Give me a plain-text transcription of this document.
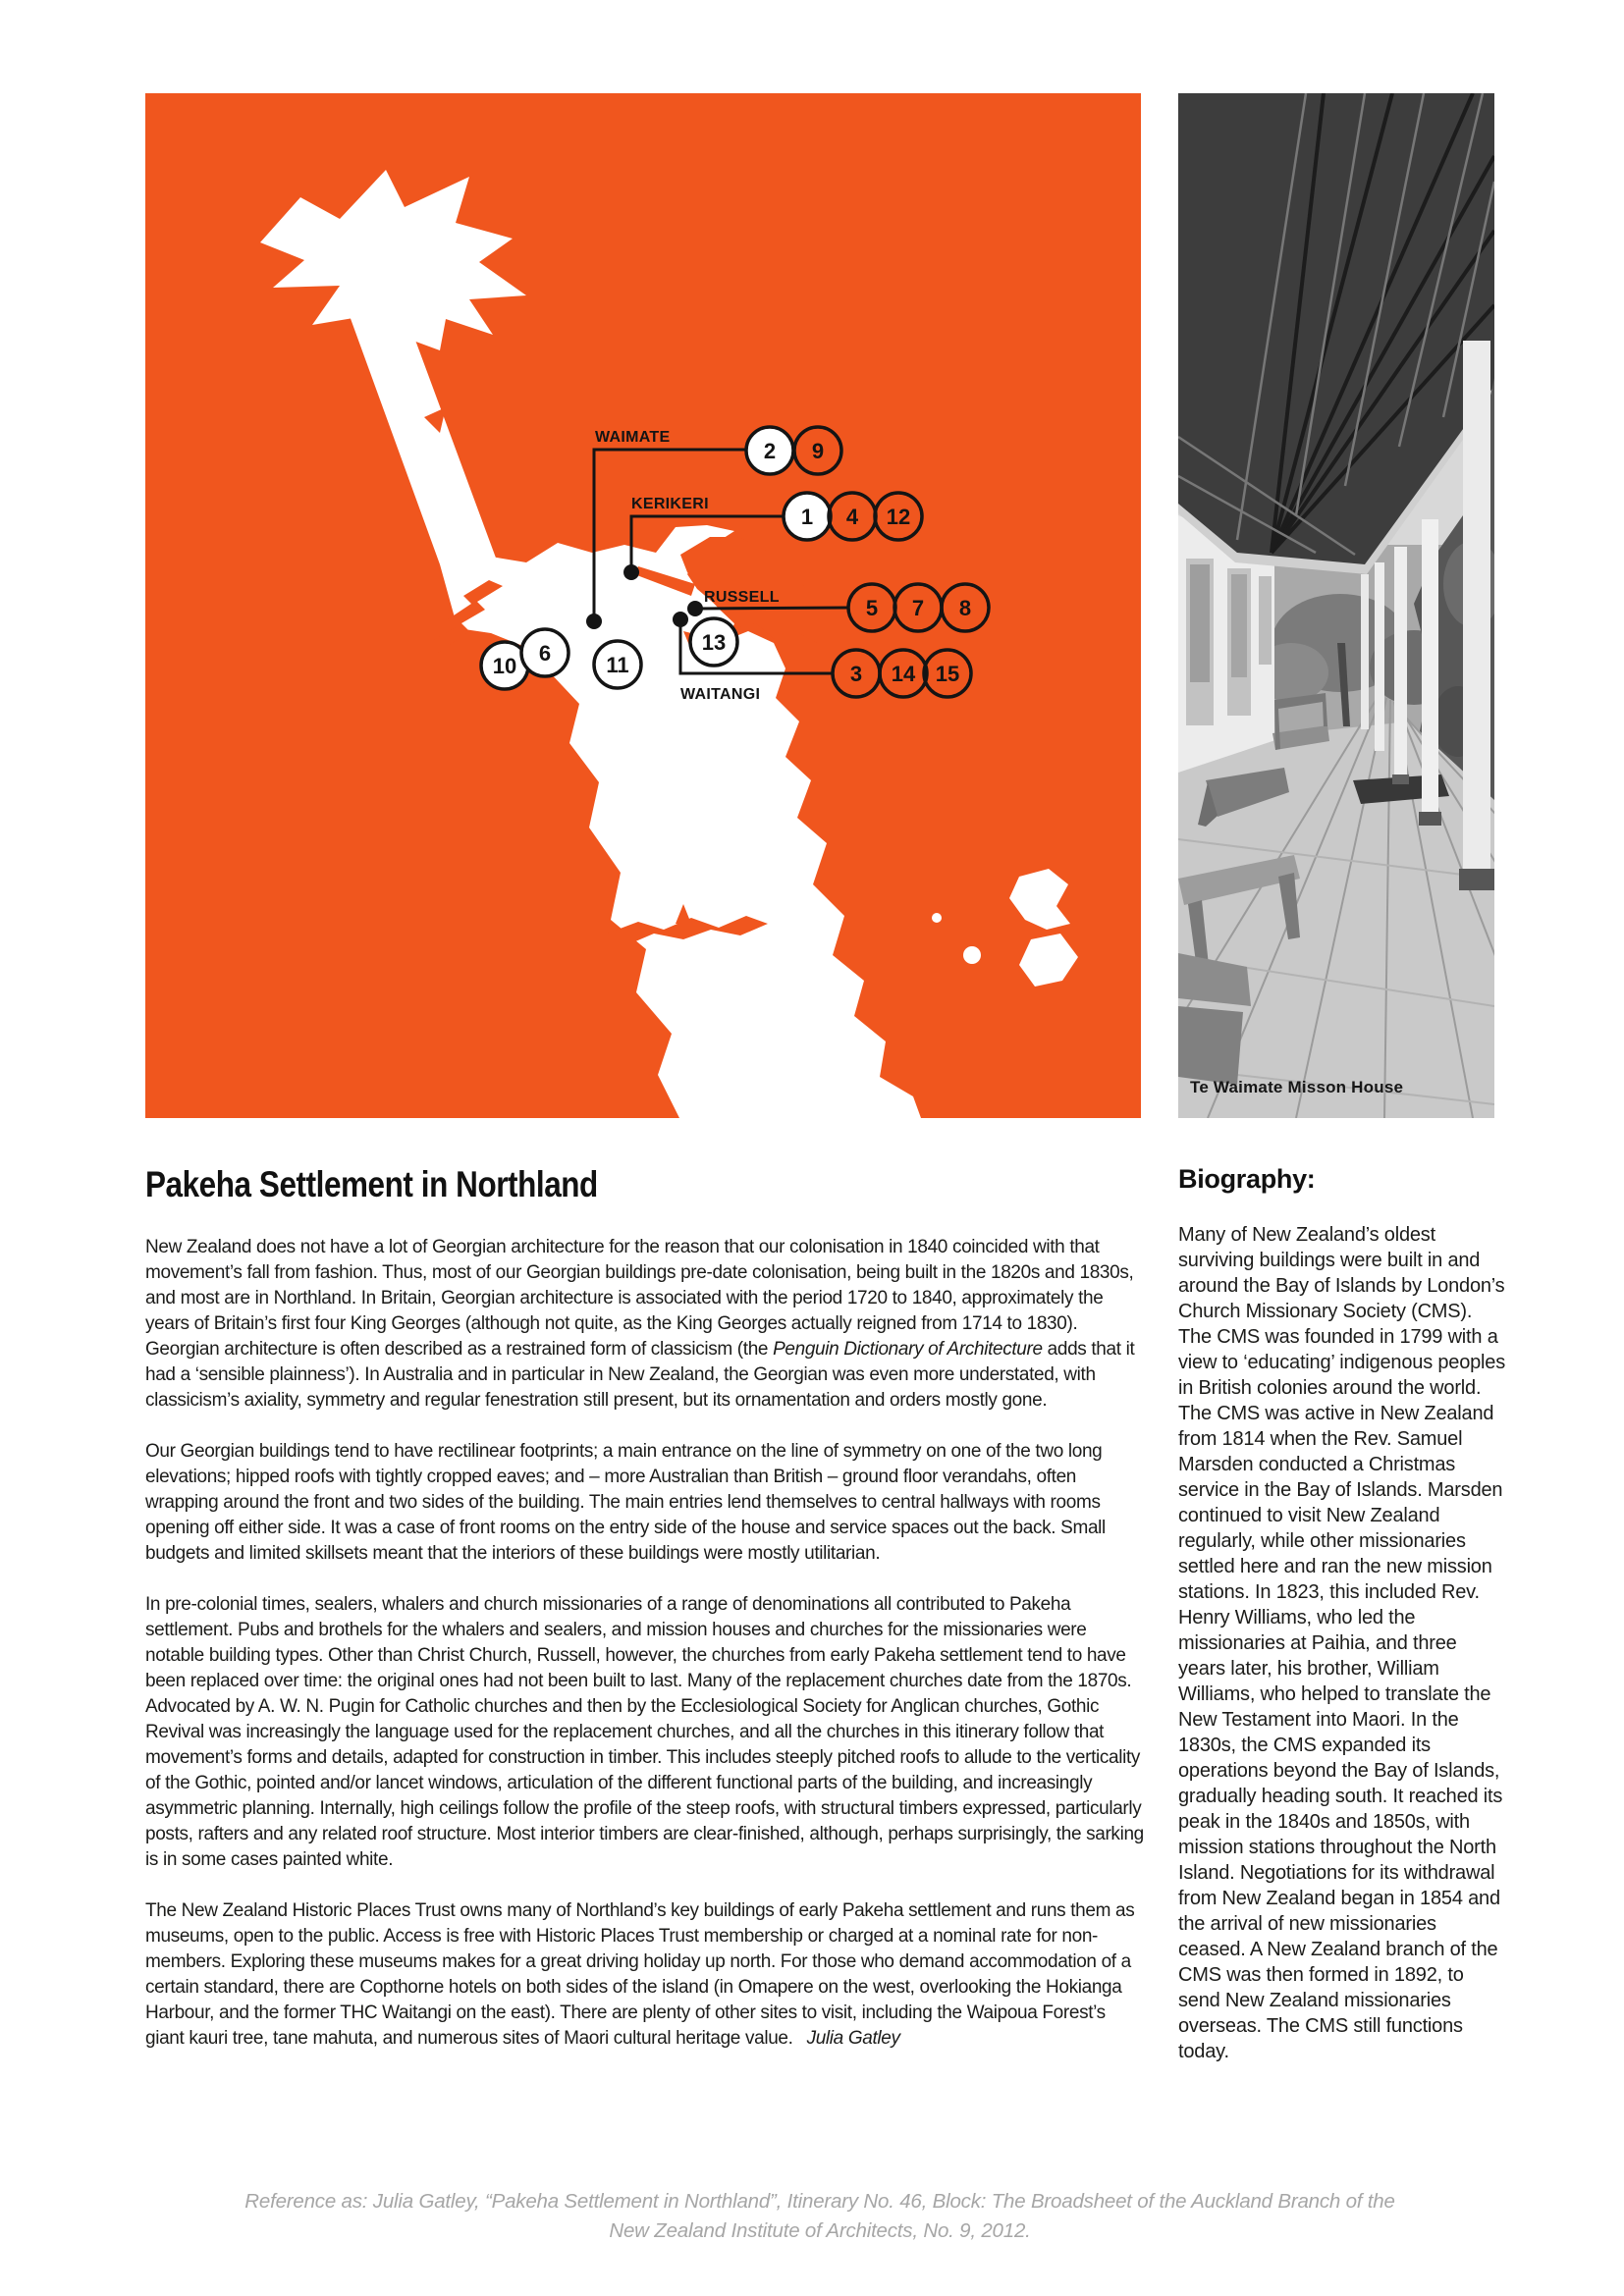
WAIMATE
KERIKERI
RUSSELL
WAITANGI
2 9
1 4 12
5 7 8
3 14 15
13
11
10
6
Te Waimate Misson House
Pakeha Settlement in Northland

New Zealand does not have a lot of Georgian architecture for the reason that our colonisation in 1840 coincided with that movement’s fall from fashion. Thus, most of our Georgian buildings pre-date colonisation, being built in the 1820s and 1830s, and most are in Northland. In Britain, Georgian architecture is associated with the period 1720 to 1840, approximately the years of Britain’s first four King Georges (although not quite, as the King Georges actually reigned from 1714 to 1830). Georgian architecture is often described as a restrained form of classicism (the Penguin Dictionary of Architecture adds that it had a ‘sensible plainness’). In Australia and in particular in New Zealand, the Georgian was even more understated, with classicism’s axiality, symmetry and regular fenestration still present, but its ornamentation and orders mostly gone.

Our Georgian buildings tend to have rectilinear footprints; a main entrance on the line of symmetry on one of the two long elevations; hipped roofs with tightly cropped eaves; and – more Australian than British – ground floor verandahs, often wrapping around the front and two sides of the building. The main entries lend themselves to central hallways with rooms opening off either side. It was a case of front rooms on the entry side of the house and service spaces out the back. Small budgets and limited skillsets meant that the interiors of these buildings were mostly utilitarian.

In pre-colonial times, sealers, whalers and church missionaries of a range of denominations all contributed to Pakeha settlement. Pubs and brothels for the whalers and sealers, and mission houses and churches for the missionaries were notable building types. Other than Christ Church, Russell, however, the churches from early Pakeha settlement tend to have been replaced over time: the original ones had not been built to last. Many of the replacement churches date from the 1870s. Advocated by A. W. N. Pugin for Catholic churches and then by the Ecclesiological Society for Anglican churches, Gothic Revival was increasingly the language used for the replacement churches, and all the churches in this itinerary follow that movement’s forms and details, adapted for construction in timber. This includes steeply pitched roofs to allude to the verticality of the Gothic, pointed and/or lancet windows, articulation of the different functional parts of the building, and increasingly asymmetric planning. Internally, high ceilings follow the profile of the steep roofs, with structural timbers expressed, particularly posts, rafters and any related roof structure. Most interior timbers are clear-finished, although, perhaps surprisingly, the sarking is in some cases painted white.

The New Zealand Historic Places Trust owns many of Northland’s key buildings of early Pakeha settlement and runs them as museums, open to the public. Access is free with Historic Places Trust membership or charged at a nominal rate for non-members. Exploring these museums makes for a great driving holiday up north. For those who demand accommodation of a certain standard, there are Copthorne hotels on both sides of the island (in Omapere on the west, overlooking the Hokianga Harbour, and the former THC Waitangi on the east). There are plenty of other sites to visit, including the Waipoua Forest’s giant kauri tree, tane mahuta, and numerous sites of Maori cultural heritage value. Julia Gatley

Biography:

Many of New Zealand’s oldest surviving buildings were built in and around the Bay of Islands by London’s Church Missionary Society (CMS). The CMS was founded in 1799 with a view to ‘educating’ indigenous peoples in British colonies around the world. The CMS was active in New Zealand from 1814 when the Rev. Samuel Marsden conducted a Christmas service in the Bay of Islands. Marsden continued to visit New Zealand regularly, while other missionaries settled here and ran the new mission stations. In 1823, this included Rev. Henry Williams, who led the missionaries at Paihia, and three years later, his brother, William Williams, who helped to translate the New Testament into Maori. In the 1830s, the CMS expanded its operations beyond the Bay of Islands, gradually heading south. It reached its peak in the 1840s and 1850s, with mission stations throughout the North Island. Negotiations for its withdrawal from New Zealand began in 1854 and the arrival of new missionaries ceased. A New Zealand branch of the CMS was then formed in 1892, to send New Zealand missionaries overseas. The CMS still functions today.

Reference as: Julia Gatley, “Pakeha Settlement in Northland”, Itinerary No. 46, Block: The Broadsheet of the Auckland Branch of the
New Zealand Institute of Architects, No. 9, 2012.
